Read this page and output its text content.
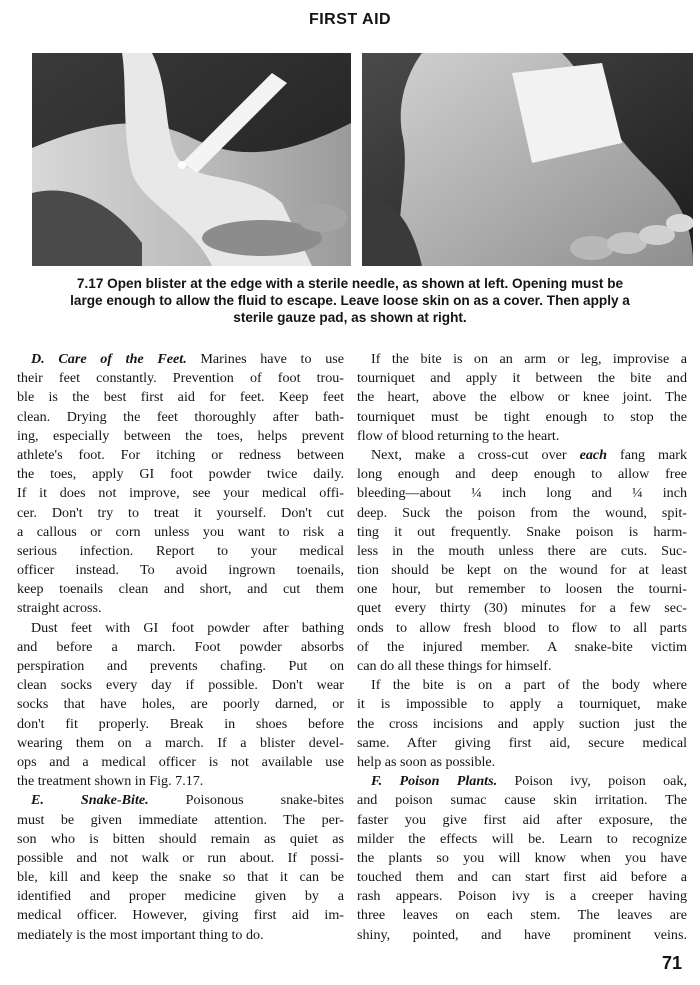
FIRST AID
7.17 Open blister at the edge with a sterile needle, as shown at left. Opening must be
large enough to allow the fluid to escape. Leave loose skin on as a cover. Then apply a
sterile gauze pad, as shown at right.
D. Care of the Feet. Marines have to use
their feet constantly. Prevention of foot trou-
ble is the best first aid for feet. Keep feet
clean. Drying the feet thoroughly after bath-
ing, especially between the toes, helps prevent
athlete's foot. For itching or redness between
the toes, apply GI foot powder twice daily.
If it does not improve, see your medical offi-
cer. Don't try to treat it yourself. Don't cut
a callous or corn unless you want to risk a
serious infection. Report to your medical
officer instead. To avoid ingrown toenails,
keep toenails clean and short, and cut them
straight across.
Dust feet with GI foot powder after bathing
and before a march. Foot powder absorbs
perspiration and prevents chafing. Put on
clean socks every day if possible. Don't wear
socks that have holes, are poorly darned, or
don't fit properly. Break in shoes before
wearing them on a march. If a blister devel-
ops and a medical officer is not available use
the treatment shown in Fig. 7.17.
E. Snake-Bite. Poisonous snake-bites
must be given immediate attention. The per-
son who is bitten should remain as quiet as
possible and not walk or run about. If possi-
ble, kill and keep the snake so that it can be
identified and proper medicine given by a
medical officer. However, giving first aid im-
mediately is the most important thing to do.
If the bite is on an arm or leg, improvise a
tourniquet and apply it between the bite and
the heart, above the elbow or knee joint. The
tourniquet must be tight enough to stop the
flow of blood returning to the heart.
Next, make a cross-cut over each fang mark
long enough and deep enough to allow free
bleeding—about ¼ inch long and ¼ inch
deep. Suck the poison from the wound, spit-
ting it out frequently. Snake poison is harm-
less in the mouth unless there are cuts. Suc-
tion should be kept on the wound for at least
one hour, but remember to loosen the tourni-
quet every thirty (30) minutes for a few sec-
onds to allow fresh blood to flow to all parts
of the injured member. A snake-bite victim
can do all these things for himself.
If the bite is on a part of the body where
it is impossible to apply a tourniquet, make
the cross incisions and apply suction just the
same. After giving first aid, secure medical
help as soon as possible.
F. Poison Plants. Poison ivy, poison oak,
and poison sumac cause skin irritation. The
faster you give first aid after exposure, the
milder the effects will be. Learn to recognize
the plants so you will know when you have
touched them and can start first aid before a
rash appears. Poison ivy is a creeper having
three leaves on each stem. The leaves are
shiny, pointed, and have prominent veins.
71
